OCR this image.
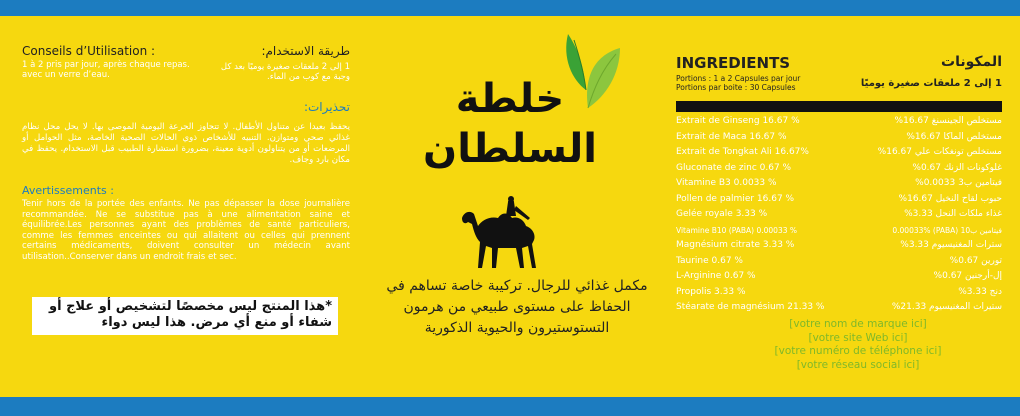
Conseils d’Utilisation :	طريقة الاستخدام:
1 à 2 pris par jour, après chaque repas. avec un verre d’eau.
1 إلى 2 ملعقات صغيرة يوميًا بعد كل وجبة مع كوب من الماء.
تحذيرات:
يحفظ بعيدا عن متناول الأطفال. لا تتجاوز الجرعة اليومية الموصى بها. لا يحل محل نظام غذائي صحي ومتوازن. التنبيه للأشخاص ذوي الحالات الصحية الخاصة، مثل الحوامل أو المرضعات أو من يتناولون أدوية معينة، بضرورة استشارة الطبيب قبل الاستخدام. يحفظ في مكان بارد وجاف.
Avertissements :
Tenir hors de la portée des enfants. Ne pas dépasser la dose journalière recommandée. Ne se substitue pas à une alimentation saine et équilibrée.Les personnes ayant des problèmes de santé particuliers, comme les femmes enceintes ou qui allaitent ou celles qui prennent certains médicaments, doivent consulter un médecin avant utilisation..Conserver dans un endroit frais et sec.
*هذا المنتج ليس مخصصًا لتشخيص أو علاج أو شفاء أو منع أي مرض. هذا ليس دواء
خلطة
السلطان
مكمل غذائي للرجال. تركيبة خاصة تساهم في الحفاظ على مستوى طبيعي من هرمون التستوستيرون والحيوية الذكورية
INGREDIENTS	المكونات
Portions : 1 a 2 Capsules par jour
Portions par boite : 30 Capsules	1 إلى 2 ملعقات صغيرة يوميًا
Extrait de Ginseng 16.67 %	مستخلص الجينسنغ 16.67%
Extrait de Maca 16.67 %	مستخلص الماكا 16.67%
Extrait de Tongkat Ali 16.67%	مستخلص تونغكات علي 16.67%
Gluconate de zinc 0.67 %	غلوكونات الزنك 0.67%
Vitamine B3 0.0033 %	فيتامين ب3 0.0033%
Pollen de palmier 16.67 %	حبوب لقاح النخيل 16.67%
Gelée royale 3.33 %	غذاء ملكات النحل 3.33%
Vitamine B10 (PABA) 0.00033 %	فيتامين ب10 (PABA) 0.00033%
Magnésium citrate 3.33 %	سترات المغنيسيوم 3.33%
Taurine 0.67 %	تورين 0.67%
L-Arginine 0.67 %	إل-أرجنين 0.67%
Propolis 3.33 %	دنج 3.33%
Stéarate de magnésium 21.33 %	ستيرات المغنيسيوم 21.33%
[votre nom de marque ici]
[votre site Web ici]
[votre numéro de téléphone ici]
[votre réseau social ici]
